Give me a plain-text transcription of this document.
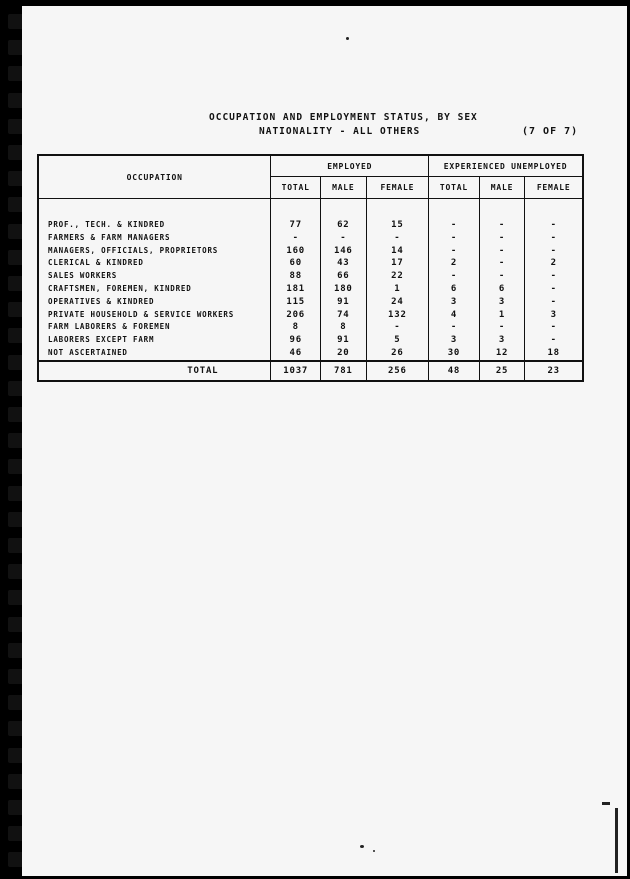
OCCUPATION AND EMPLOYMENT STATUS, BY SEX
NATIONALITY - ALL OTHERS	(7 OF 7)
OCCUPATION	EMPLOYED			EXPERIENCED UNEMPLOYED		
	TOTAL	MALE	FEMALE	TOTAL	MALE	FEMALE

PROF., TECH. & KINDRED	77	62	15	-	-	-
FARMERS & FARM MANAGERS	-	-	-	-	-	-
MANAGERS, OFFICIALS, PROPRIETORS	160	146	14	-	-	-
CLERICAL & KINDRED	60	43	17	2	-	2
SALES WORKERS	88	66	22	-	-	-
CRAFTSMEN, FOREMEN, KINDRED	181	180	1	6	6	-
OPERATIVES & KINDRED	115	91	24	3	3	-
PRIVATE HOUSEHOLD & SERVICE WORKERS	206	74	132	4	1	3
FARM LABORERS & FOREMEN	8	8	-	-	-	-
LABORERS EXCEPT FARM	96	91	5	3	3	-
NOT ASCERTAINED	46	20	26	30	12	18
TOTAL	1037	781	256	48	25	23
